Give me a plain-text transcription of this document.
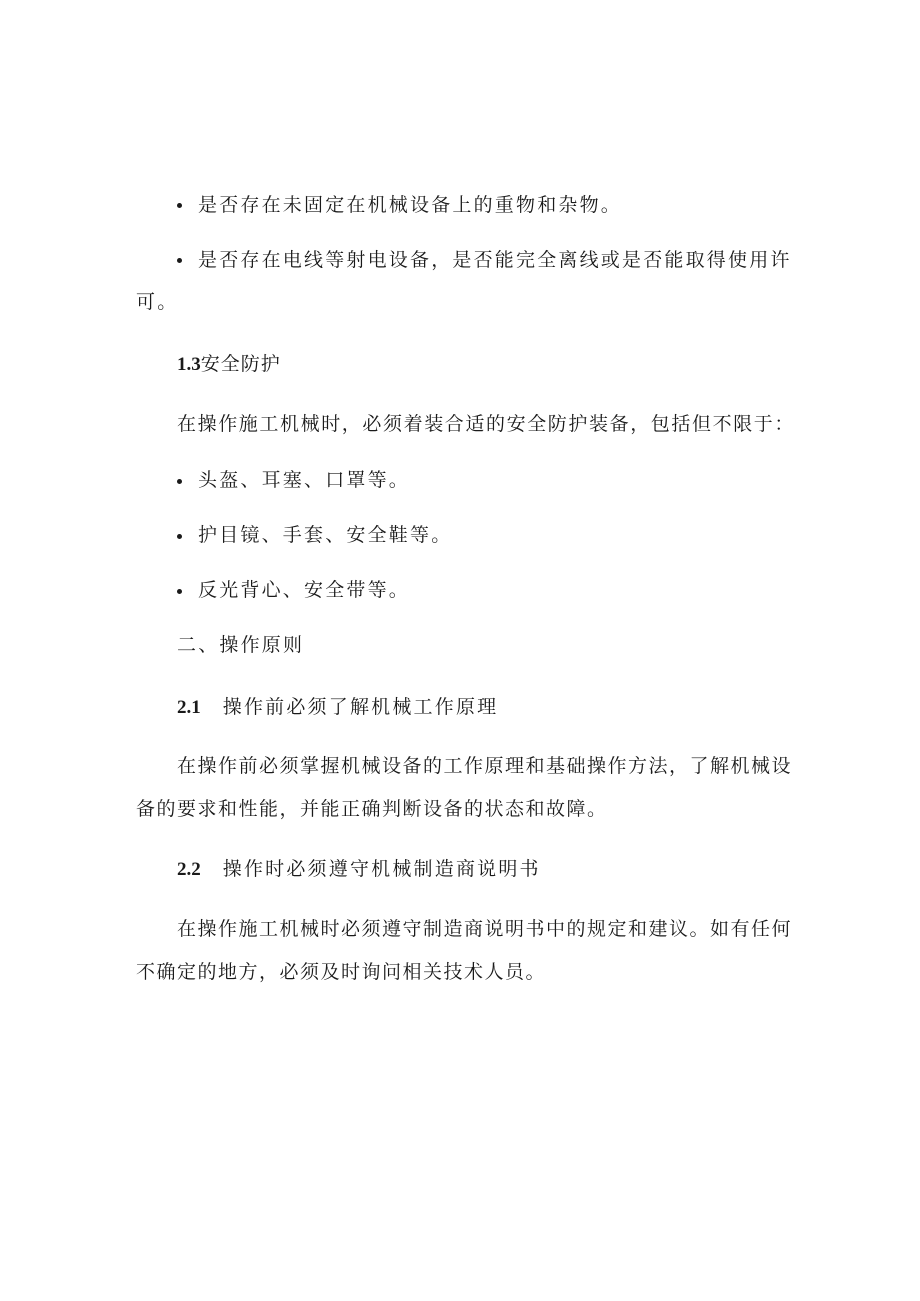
是否存在未固定在机械设备上的重物和杂物。
是否存在电线等射电设备，是否能完全离线或是否能取得使用许
可。
1.3安全防护
在操作施工机械时，必须着装合适的安全防护装备，包括但不限于：
头盔、耳塞、口罩等。
护目镜、手套、安全鞋等。
反光背心、安全带等。
二、操作原则
2.1 操作前必须了解机械工作原理
在操作前必须掌握机械设备的工作原理和基础操作方法，了解机械设
备的要求和性能，并能正确判断设备的状态和故障。
2.2 操作时必须遵守机械制造商说明书
在操作施工机械时必须遵守制造商说明书中的规定和建议。如有任何
不确定的地方，必须及时询问相关技术人员。
